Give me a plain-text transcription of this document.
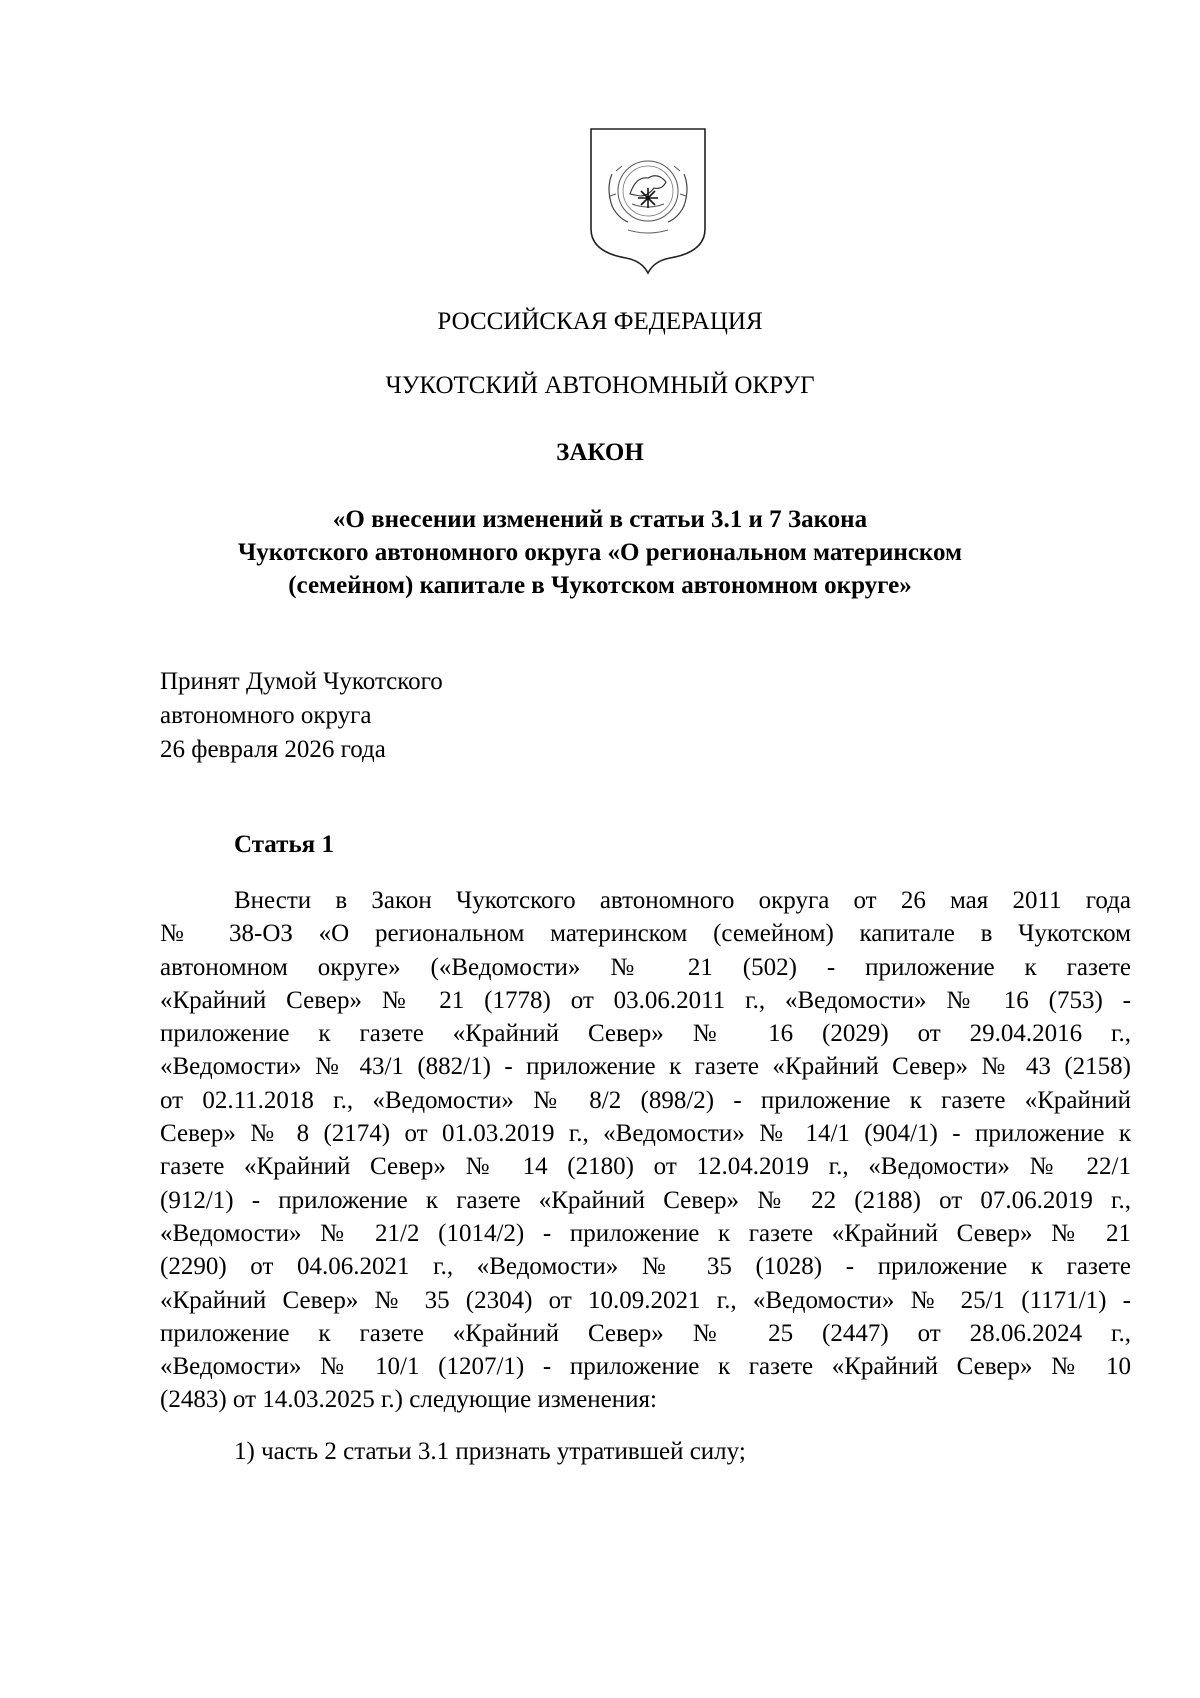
РОССИЙСКАЯ ФЕДЕРАЦИЯ
ЧУКОТСКИЙ АВТОНОМНЫЙ ОКРУГ
ЗАКОН
«О внесении изменений в статьи 3.1 и 7 Закона
Чукотского автономного округа «О региональном материнском
(семейном) капитале в Чукотском автономном округе»
Принят Думой Чукотского
автономного округа
26 февраля 2026 года
Статья 1
Внести в Закон Чукотского автономного округа от 26 мая 2011 года
№ 38-ОЗ «О региональном материнском (семейном) капитале в Чукотском
автономном округе» («Ведомости» № 21 (502) - приложение к газете
«Крайний Север» № 21 (1778) от 03.06.2011 г., «Ведомости» № 16 (753) -
приложение к газете «Крайний Север» № 16 (2029) от 29.04.2016 г.,
«Ведомости» № 43/1 (882/1) - приложение к газете «Крайний Север» № 43 (2158)
от 02.11.2018 г., «Ведомости» № 8/2 (898/2) - приложение к газете «Крайний
Север» № 8 (2174) от 01.03.2019 г., «Ведомости» № 14/1 (904/1) - приложение к
газете «Крайний Север» № 14 (2180) от 12.04.2019 г., «Ведомости» № 22/1
(912/1) - приложение к газете «Крайний Север» № 22 (2188) от 07.06.2019 г.,
«Ведомости» № 21/2 (1014/2) - приложение к газете «Крайний Север» № 21
(2290) от 04.06.2021 г., «Ведомости» № 35 (1028) - приложение к газете
«Крайний Север» № 35 (2304) от 10.09.2021 г., «Ведомости» № 25/1 (1171/1) -
приложение к газете «Крайний Север» № 25 (2447) от 28.06.2024 г.,
«Ведомости» № 10/1 (1207/1) - приложение к газете «Крайний Север» № 10
(2483) от 14.03.2025 г.) следующие изменения:
1) часть 2 статьи 3.1 признать утратившей силу;
